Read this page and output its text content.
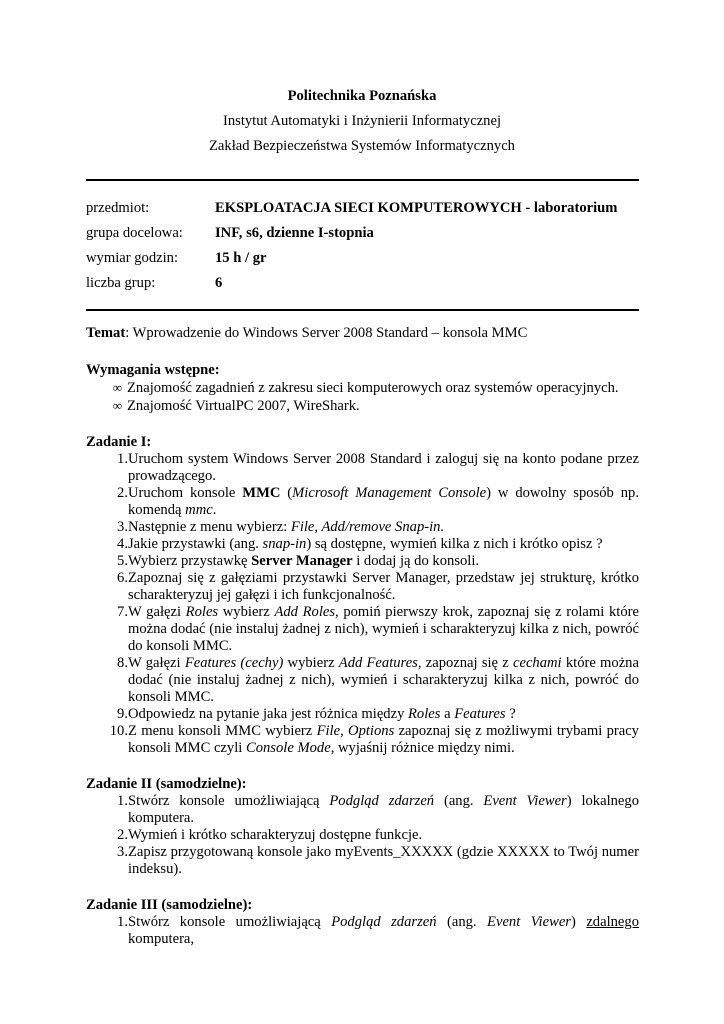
Politechnika Poznańska
Instytut Automatyki i Inżynierii Informatycznej
Zakład Bezpieczeństwa Systemów Informatycznych
przedmiot:	EKSPLOATACJA SIECI KOMPUTEROWYCH - laboratorium
grupa docelowa:	INF, s6, dzienne I-stopnia
wymiar godzin:	15 h / gr
liczba grup:	6
Temat: Wprowadzenie do Windows Server 2008 Standard – konsola MMC
Wymagania wstępne:
∞ Znajomość zagadnień z zakresu sieci komputerowych oraz systemów operacyjnych.
∞ Znajomość VirtualPC 2007, WireShark.
Zadanie I:
1. Uruchom system Windows Server 2008 Standard i zaloguj się na konto podane przez prowadzącego.
2. Uruchom konsole MMC (Microsoft Management Console) w dowolny sposób np. komendą mmc.
3. Następnie z menu wybierz: File, Add/remove Snap-in.
4. Jakie przystawki (ang. snap-in) są dostępne, wymień kilka z nich i krótko opisz ?
5. Wybierz przystawkę Server Manager i dodaj ją do konsoli.
6. Zapoznaj się z gałęziami przystawki Server Manager, przedstaw jej strukturę, krótko scharakteryzuj jej gałęzi i ich funkcjonalność.
7. W gałęzi Roles wybierz Add Roles, pomiń pierwszy krok, zapoznaj się z rolami które można dodać (nie instaluj żadnej z nich), wymień i scharakteryzuj kilka z nich, powróć do konsoli MMC.
8. W gałęzi Features (cechy) wybierz Add Features, zapoznaj się z cechami które można dodać (nie instaluj żadnej z nich), wymień i scharakteryzuj kilka z nich, powróć do konsoli MMC.
9. Odpowiedz na pytanie jaka jest różnica między Roles a Features ?
10. Z menu konsoli MMC wybierz File, Options zapoznaj się z możliwymi trybami pracy konsoli MMC czyli Console Mode, wyjaśnij różnice między nimi.
Zadanie II (samodzielne):
1. Stwórz konsole umożliwiającą Podgląd zdarzeń (ang. Event Viewer) lokalnego komputera.
2. Wymień i krótko scharakteryzuj dostępne funkcje.
3. Zapisz przygotowaną konsole jako myEvents_XXXXX (gdzie XXXXX to Twój numer indeksu).
Zadanie III (samodzielne):
1. Stwórz konsole umożliwiającą Podgląd zdarzeń (ang. Event Viewer) zdalnego komputera,
